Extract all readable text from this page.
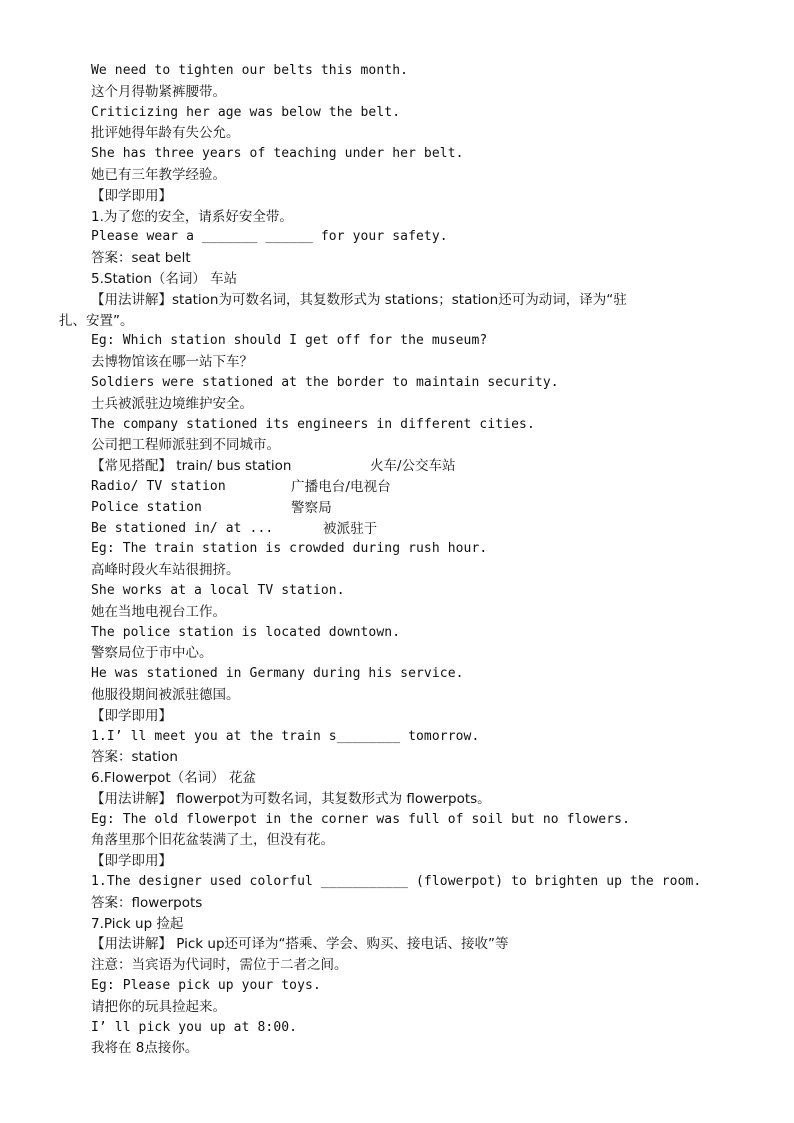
We need to tighten our belts this month.
这个月得勒紧裤腰带。
Criticizing her age was below the belt.
批评她得年龄有失公允。
She has three years of teaching under her belt.
她已有三年教学经验。
【即学即用】
1.为了您的安全，请系好安全带。
Please wear a _______ ______ for your safety.
答案：seat belt
5.Station（名词） 车站
【用法讲解】station为可数名词，其复数形式为 stations；station还可为动词，译为“驻
扎、安置”。
Eg: Which station should I get off for the museum?
去博物馆该在哪一站下车？
Soldiers were stationed at the border to maintain security.
士兵被派驻边境维护安全。
The company stationed its engineers in different cities.
公司把工程师派驻到不同城市。
【常见搭配】 train/ bus station	火车/公交车站
Radio/ TV station	广播电台/电视台
Police station	警察局
Be stationed in/ at ...	被派驻于
Eg: The train station is crowded during rush hour.
高峰时段火车站很拥挤。
She works at a local TV station.
她在当地电视台工作。
The police station is located downtown.
警察局位于市中心。
He was stationed in Germany during his service.
他服役期间被派驻德国。
【即学即用】
1.I’ ll meet you at the train s________ tomorrow.
答案：station
6.Flowerpot（名词） 花盆
【用法讲解】 flowerpot为可数名词，其复数形式为 flowerpots。
Eg: The old flowerpot in the corner was full of soil but no flowers.
角落里那个旧花盆装满了土，但没有花。
【即学即用】
1.The designer used colorful ___________ (flowerpot) to brighten up the room.
答案：flowerpots
7.Pick up 捡起
【用法讲解】 Pick up还可译为“搭乘、学会、购买、接电话、接收”等
注意：当宾语为代词时，需位于二者之间。
Eg: Please pick up your toys.
请把你的玩具捡起来。
I’ ll pick you up at 8:00.
我将在 8点接你。
